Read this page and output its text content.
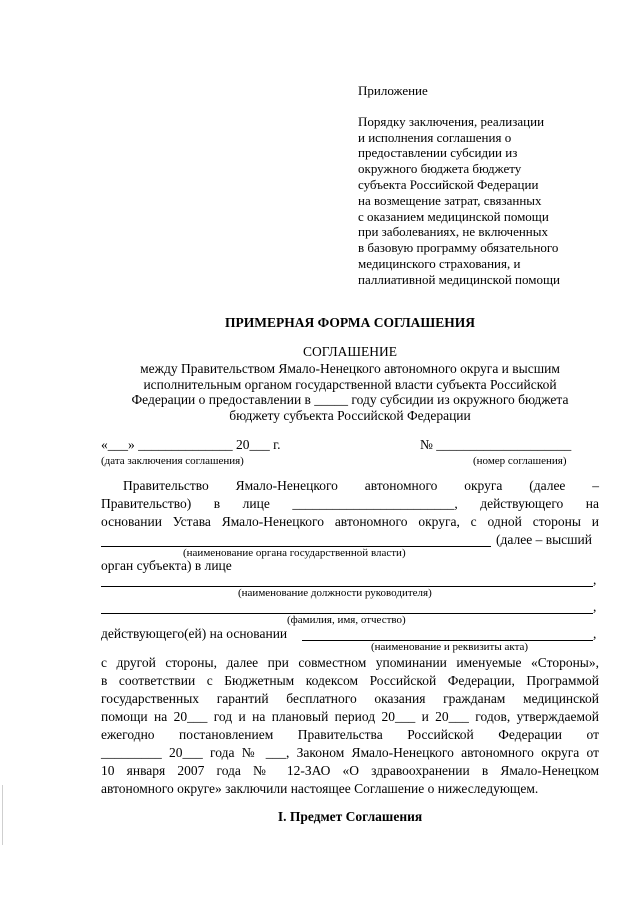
Приложение
Порядку заключения, реализации
и исполнения соглашения о
предоставлении субсидии из
окружного бюджета бюджету
субъекта Российской Федерации
на возмещение затрат, связанных
с оказанием медицинской помощи
при заболеваниях, не включенных
в базовую программу обязательного
медицинского страхования, и
паллиативной медицинской помощи
ПРИМЕРНАЯ ФОРМА СОГЛАШЕНИЯ
СОГЛАШЕНИЕ
между Правительством Ямало-Ненецкого автономного округа и высшим
исполнительным органом государственной власти субъекта Российской
Федерации о предоставлении в _____ году субсидии из окружного бюджета
бюджету субъекта Российской Федерации
«___» ______________ 20___ г.	№ ____________________
(дата заключения соглашения)	(номер соглашения)
Правительство Ямало-Ненецкого автономного округа (далее –
Правительство) в лице ________________________, действующего на
основании Устава Ямало-Ненецкого автономного округа, с одной стороны и
(далее – высший
(наименование органа государственной власти)
орган субъекта) в лице
,
(наименование должности руководителя)
,
(фамилия, имя, отчество)
действующего(ей) на основании	,
(наименование и реквизиты акта)
с другой стороны, далее при совместном упоминании именуемые «Стороны»,
в соответствии с Бюджетным кодексом Российской Федерации, Программой
государственных гарантий бесплатного оказания гражданам медицинской
помощи на 20___ год и на плановый период 20___ и 20___ годов, утверждаемой
ежегодно постановлением Правительства Российской Федерации от
_________ 20___ года № ___, Законом Ямало-Ненецкого автономного округа от
10 января 2007 года № 12-ЗАО «О здравоохранении в Ямало-Ненецком
автономного округе» заключили настоящее Соглашение о нижеследующем.
I. Предмет Соглашения
